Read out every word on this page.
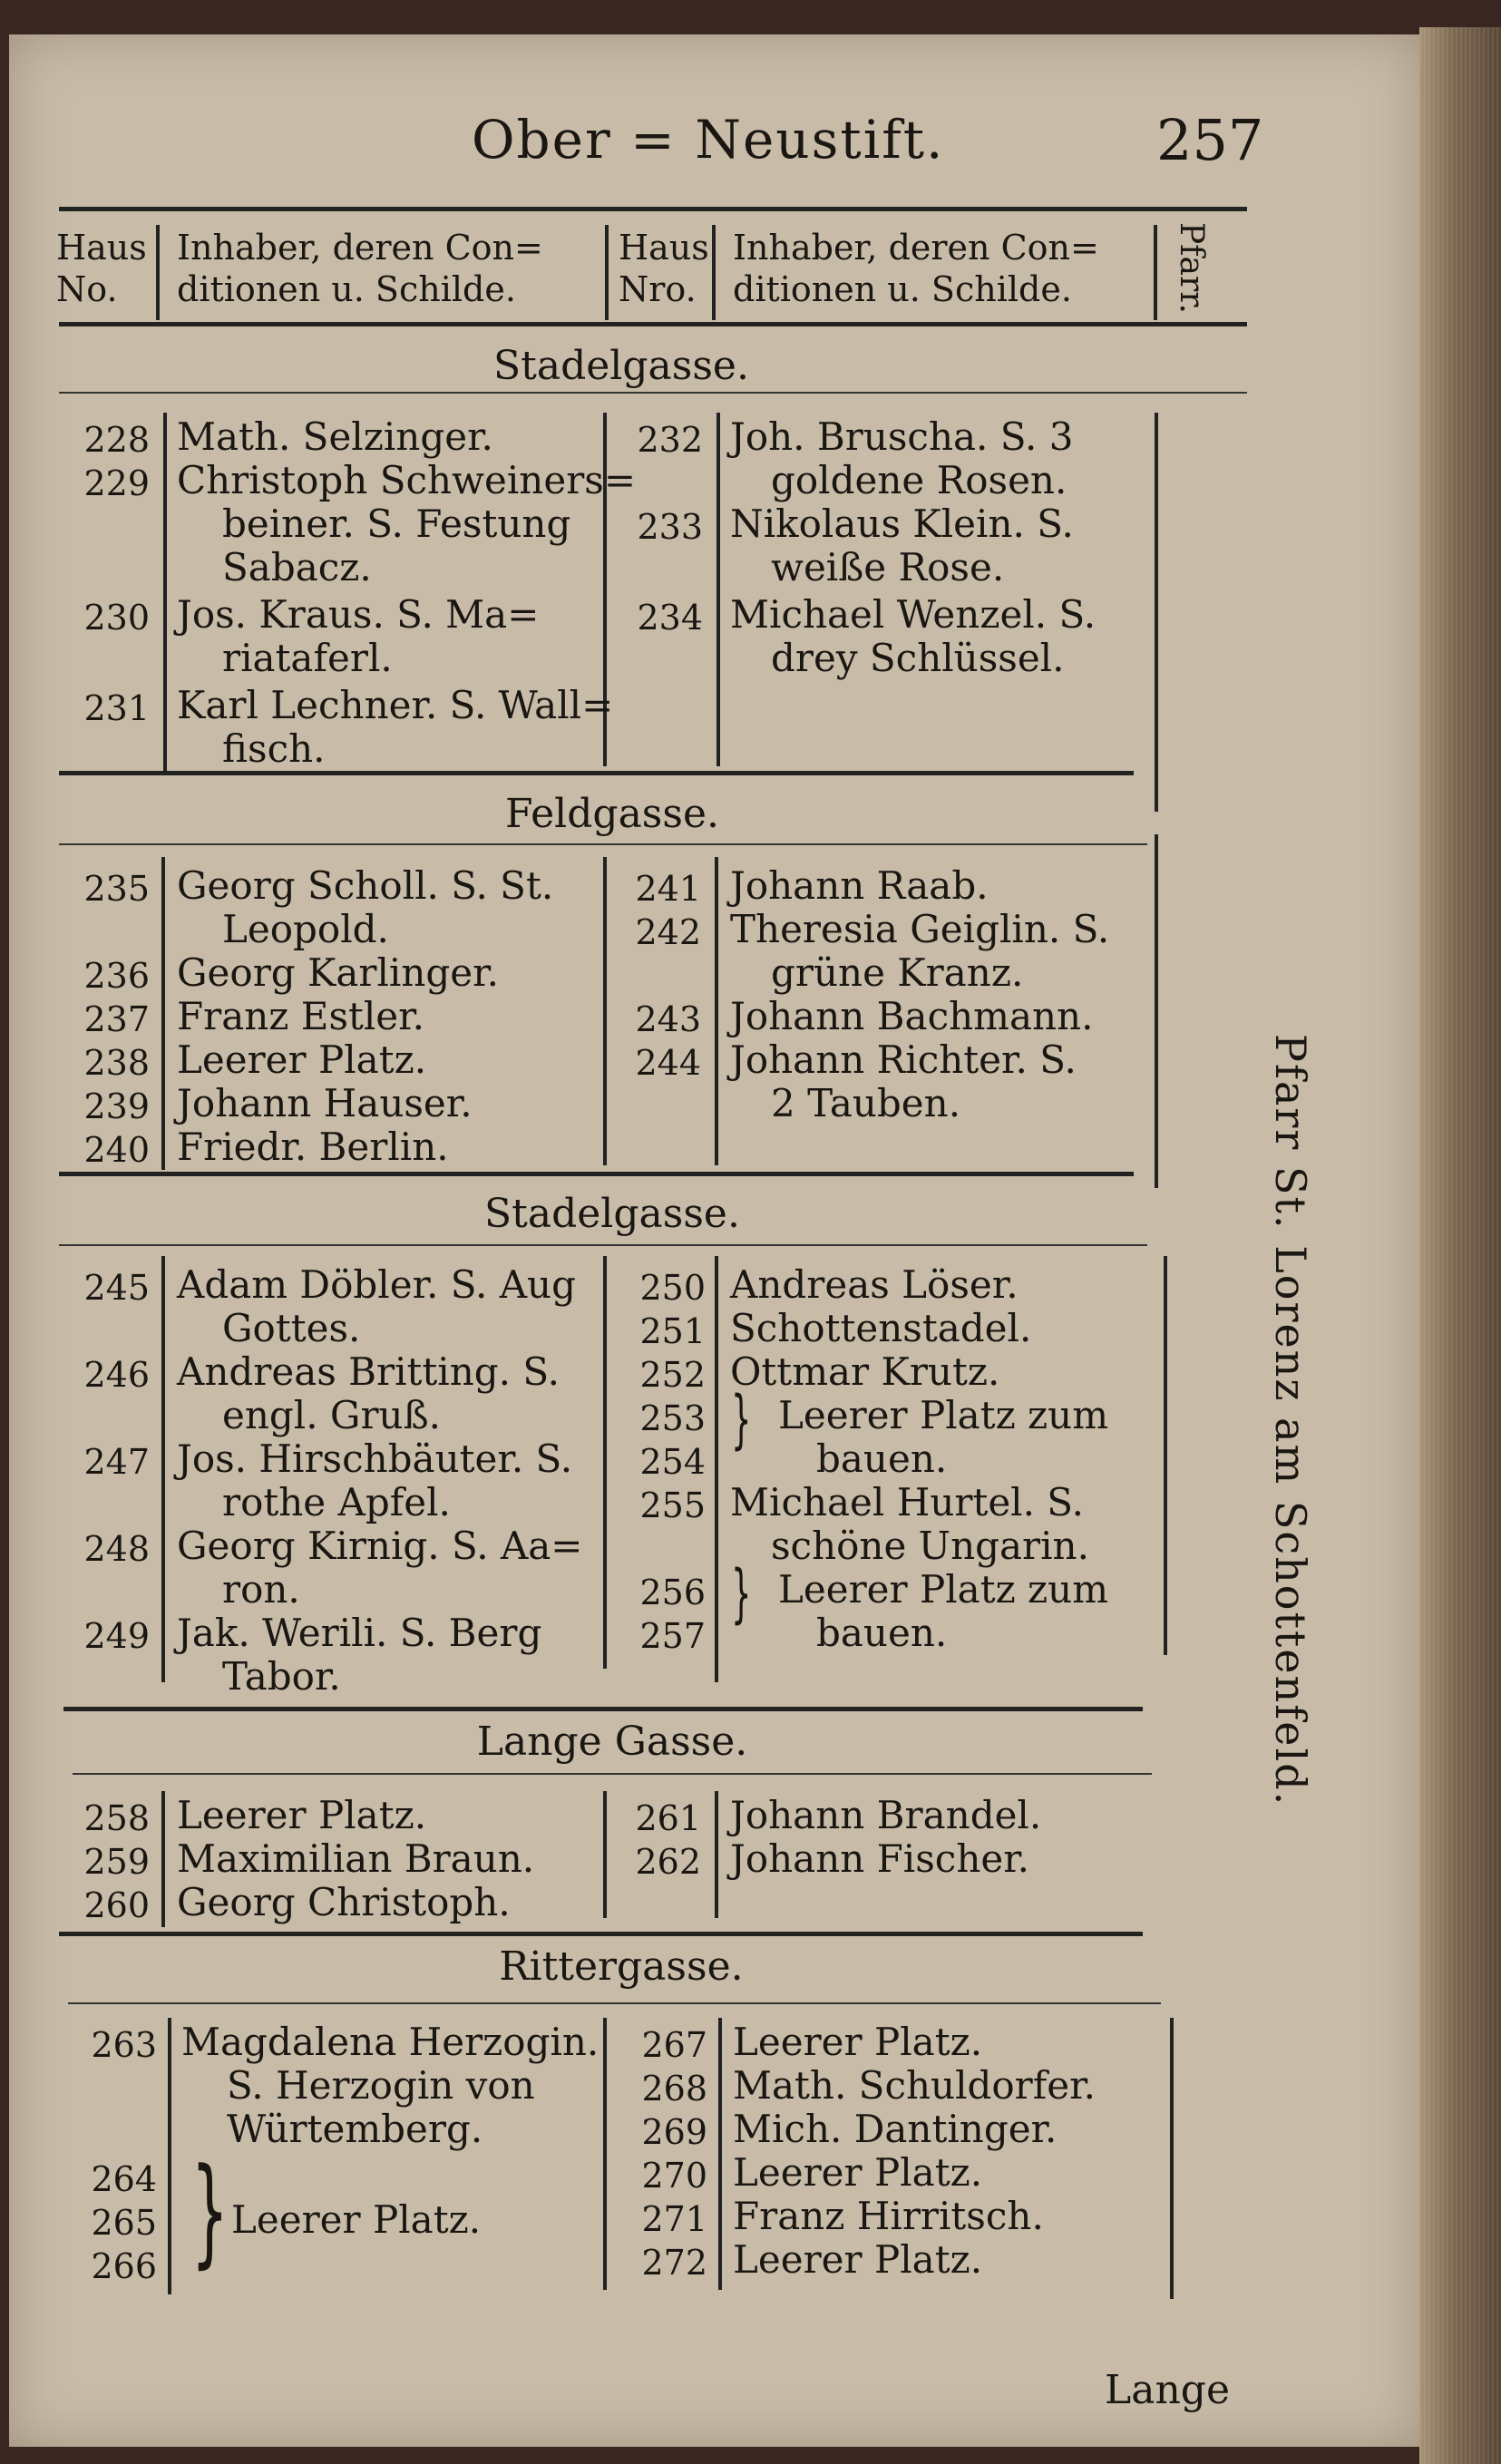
Ober = Neustift.	257
Haus
No.
Inhaber, deren Con=
ditionen u. Schilde.
Haus
Nro.
Inhaber, deren Con=
ditionen u. Schilde.	Pfarr.
Stadelgasse.
228 Math. Selzinger.
229 Christoph Schweiners=
beiner. S. Festung
Sabacz.
230 Jos. Kraus. S. Ma=
riataferl.
231 Karl Lechner. S. Wall=
fisch.
232 Joh. Bruscha. S. 3
goldene Rosen.
233 Nikolaus Klein. S.
weiße Rose.
234 Michael Wenzel. S.
drey Schlüssel.
Feldgasse.
235 Georg Scholl. S. St.
Leopold.
236 Georg Karlinger.
237 Franz Estler.
238 Leerer Platz.
239 Johann Hauser.
240 Friedr. Berlin.
241 Johann Raab.
242 Theresia Geiglin. S.
grüne Kranz.
243 Johann Bachmann.
244 Johann Richter. S.
2 Tauben.
Stadelgasse.
245 Adam Döbler. S. Aug
Gottes.
246 Andreas Britting. S.
engl. Gruß.
247 Jos. Hirschbäuter. S.
rothe Apfel.
248 Georg Kirnig. S. Aa=
ron.
249 Jak. Werili. S. Berg
Tabor.
250 Andreas Löser.
251 Schottenstadel.
252 Ottmar Krutz.
253 } Leerer Platz zum
254	bauen.
255 Michael Hurtel. S.
schöne Ungarin.
256 } Leerer Platz zum
257	bauen.
Lange Gasse.
258 Leerer Platz.
259 Maximilian Braun.
260 Georg Christoph.
261 Johann Brandel.
262 Johann Fischer.
Rittergasse.
263 Magdalena Herzogin.
S. Herzogin von
Würtemberg.
264
265
266 } Leerer Platz.
267 Leerer Platz.
268 Math. Schuldorfer.
269 Mich. Dantinger.
270 Leerer Platz.
271 Franz Hirritsch.
272 Leerer Platz.
Pfarr St. Lorenz am Schottenfeld.
Lange
